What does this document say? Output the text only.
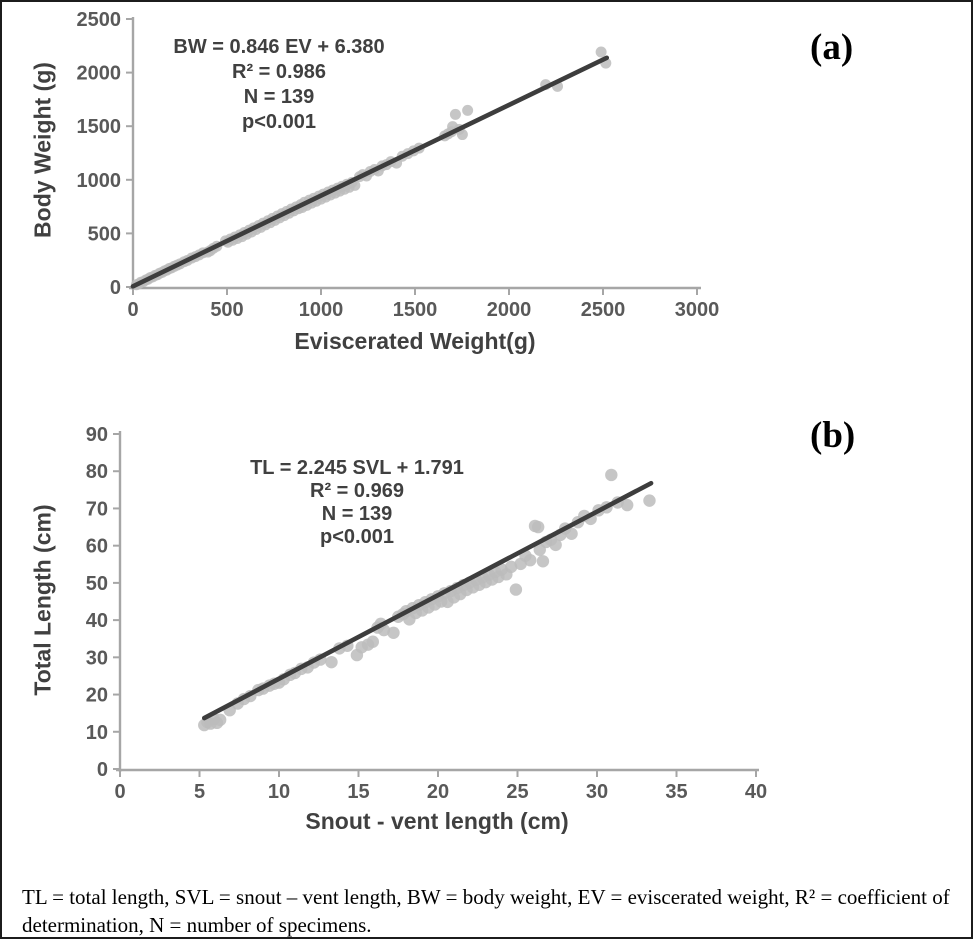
0	500	1000 1500 2000 2500 3000
0
500
1000
1500
2000
2500
0	5	10	15	20	25	30	35	40
0
10
20
30
40
50
60
70
80
90
BW = 0.846 EV + 6.380
R² = 0.986
N = 139
p<0.001
TL = 2.245 SVL + 1.791
R² = 0.969
N = 139
p<0.001
Body Weight (g)
Eviscerated Weight(g)
Total Length (cm)
Snout - vent length (cm)
(a)
(b)
TL = total length, SVL = snout – vent length, BW = body weight, EV = eviscerated weight, R² = coefficient of
determination, N = number of specimens.
